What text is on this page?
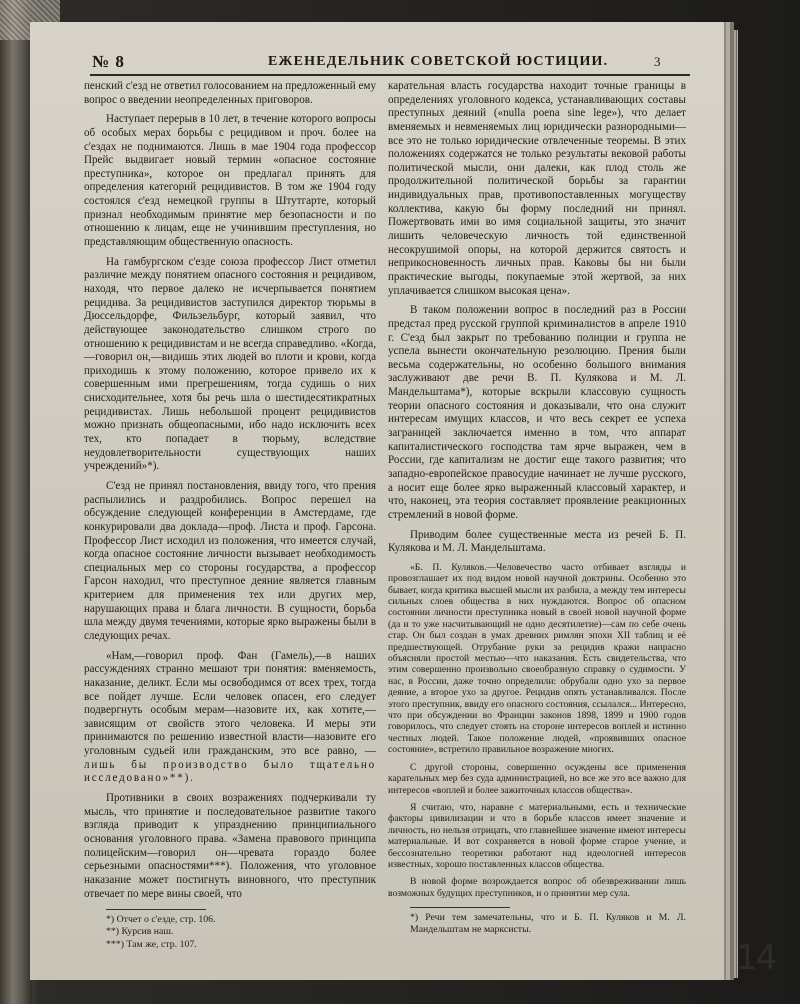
№ 8	ЕЖЕНЕДЕЛЬНИК СОВЕТСКОЙ ЮСТИЦИИ.	3

пенский с'езд не ответил голосованием на предложенный ему вопрос о введении неопределенных приговоров.

Наступает перерыв в 10 лет, в течение которого вопросы об особых мерах борьбы с рецидивом и проч. более на с'ездах не поднимаются. Лишь в мае 1904 года профессор Прейс выдвигает новый термин «опасное состояние преступника», которое он предлагал принять для определения категорий рецидивистов. В том же 1904 году состоялся с'езд немецкой группы в Штутгарте, который признал необходимым принятие мер безопасности и по отношению к лицам, еще не учинившим преступления, но представляющим общественную опасность.

На гамбургском с'езде союза профессор Лист отметил различие между понятием опасного состояния и рецидивом, находя, что первое далеко не исчерпывается понятием рецидива. За рецидивистов заступился директор тюрьмы в Дюссельдорфе, Фильзельбург, который заявил, что действующее законодательство слишком строго по отношению к рецидивистам и не всегда справедливо. «Когда,—говорил он,—видишь этих людей во плоти и крови, когда приходишь к этому положению, которое привело их к совершенным ими прегрешениям, тогда судишь о них снисходительнее, хотя бы речь шла о шестидесятикратных рецидивистах. Лишь небольшой процент рецидивистов можно признать общеопасными, ибо надо исключить всех тех, кто попадает в тюрьму, вследствие неудовлетворительности существующих наших учреждений»*).

С'езд не принял постановления, ввиду того, что прения распылились и раздробились. Вопрос перешел на обсуждение следующей конференции в Амстердаме, где конкурировали два доклада—проф. Листа и проф. Гарсона. Профессор Лист исходил из положения, что имеется случай, когда опасное состояние личности вызывает необходимость специальных мер со стороны государства, а профессор Гарсон находил, что преступное деяние является главным критерием для применения тех или других мер, нарушающих права и блага личности. В сущности, борьба шла между двумя течениями, которые ярко выражены были в следующих речах.

«Нам,—говорил проф. Фан (Гамель),—в наших рассуждениях странно мешают три понятия: вменяемость, наказание, деликт. Если мы освободимся от всех трех, тогда все пойдет лучше. Если человек опасен, его следует подвергнуть особым мерам—назовите их, как хотите,—зависящим от свойств этого человека. И меры эти принимаются по решению известной власти—назовите его уголовным судьей или гражданским, это все равно, — лишь бы производство было тщательно исследовано»**).

Противники в своих возражениях подчеркивали ту мысль, что принятие и последовательное развитие такого взгляда приводит к упразднению принципиального основания уголовного права. «Замена правового принципа полицейским—говорил он—чревата гораздо более серьезными опасностями***). Положения, что уголовное наказание может постигнуть виновного, что преступник отвечает по мере вины своей, что

*) Отчет о с'езде, стр. 106.

**) Курсив наш.

***) Там же, стр. 107.

карательная власть государства находит точные границы в определениях уголовного кодекса, устанавливающих составы преступных деяний («nulla poena sine lege»), что делает вменяемых и невменяемых лиц юридически разнородными—все это не только юридические отвлеченные теоремы. В этих положениях содержатся не только результаты вековой работы политической мысли, они далеки, как плод столь же продолжительной политической борьбы за гарантии индивидуальных прав, противопоставленных могуществу коллектива, какую бы форму последний ни принял. Пожертвовать ими во имя социальной защиты, это значит лишить человеческую личность той единственной несокрушимой опоры, на которой держится святость и неприкосновенность личных прав. Каковы бы ни были практические выгоды, покупаемые этой жертвой, за них уплачивается слишком высокая цена».

В таком положении вопрос в последний раз в России предстал пред русской группой криминалистов в апреле 1910 г. С'езд был закрыт по требованию полиции и группа не успела вынести окончательную резолюцию. Прения были весьма содержательны, но особенно большого внимания заслуживают две речи В. П. Кулякова и М. Л. Мандельштама*), которые вскрыли классовую сущность теории опасного состояния и доказывали, что она служит интересам имущих классов, и что весь секрет ее успеха заграницей заключается именно в том, что аппарат капиталистического господства там ярче выражен, чем в России, где капитализм не достиг еще такого развития; что западно-европейское правосудие начинает не лучше русского, а носит еще более ярко выраженный классовый характер, и что, наконец, эта теория составляет проявление реакционных стремлений в новой форме.

Приводим более существенные места из речей Б. П. Кулякова и М. Л. Мандельштама.

«Б. П. Куляков.—Человечество часто отбивает взгляды и провозглашает их под видом новой научной доктрины. Особенно это бывает, когда критика высшей мысли их разбила, а между тем интересы сильных слоев общества в них нуждаются. Вопрос об опасном состоянии личности преступника новый в своей новой научной форме (да и то уже насчитывающий не одно десятилетие)—сам по себе очень стар. Он был создан в умах древних римлян эпохи XII таблиц и её предшествующей. Отрубание руки за рецидив кражи напрасно объясняли простой местью—что наказания. Есть свидетельства, что этим совершенно произвольно своеобразную справку о судимости. У нас, в России, даже точно определили: обрубали одно ухо за первое деяние, а второе ухо за другое. Рецидив опять устанавливался. После этого преступник, ввиду его опасного состояния, ссылался... Интересно, что при обсуждении во Франции законов 1898, 1899 и 1900 годов говорилось, что следует стоять на стороне интересов воплей и истинно честных людей. Такое положение людей, «проявивших опасное состояние», встретило правильное возражение многих.

С другой стороны, совершенно осуждены все применения карательных мер без суда администрацией, но все же это все важно для интересов «воплей и более зажиточных классов общества».

Я считаю, что, наравне с материальными, есть и технические факторы цивилизации и что в борьбе классов имеет значение и личность, но нельзя отрицать, что главнейшее значение имеют интересы материальные. И вот сохраняется в новой форме старое учение, и бессознательно теоретики работают над идеологией интересов известных, хорошо поставленных классов общества.

В новой форме возрождается вопрос об обезвреживании лишь возможных будущих преступников, и о принятии мер сула.

*) Речи тем замечательны, что и Б. П. Куляков и М. Л. Мандельштам не марксисты.

14
